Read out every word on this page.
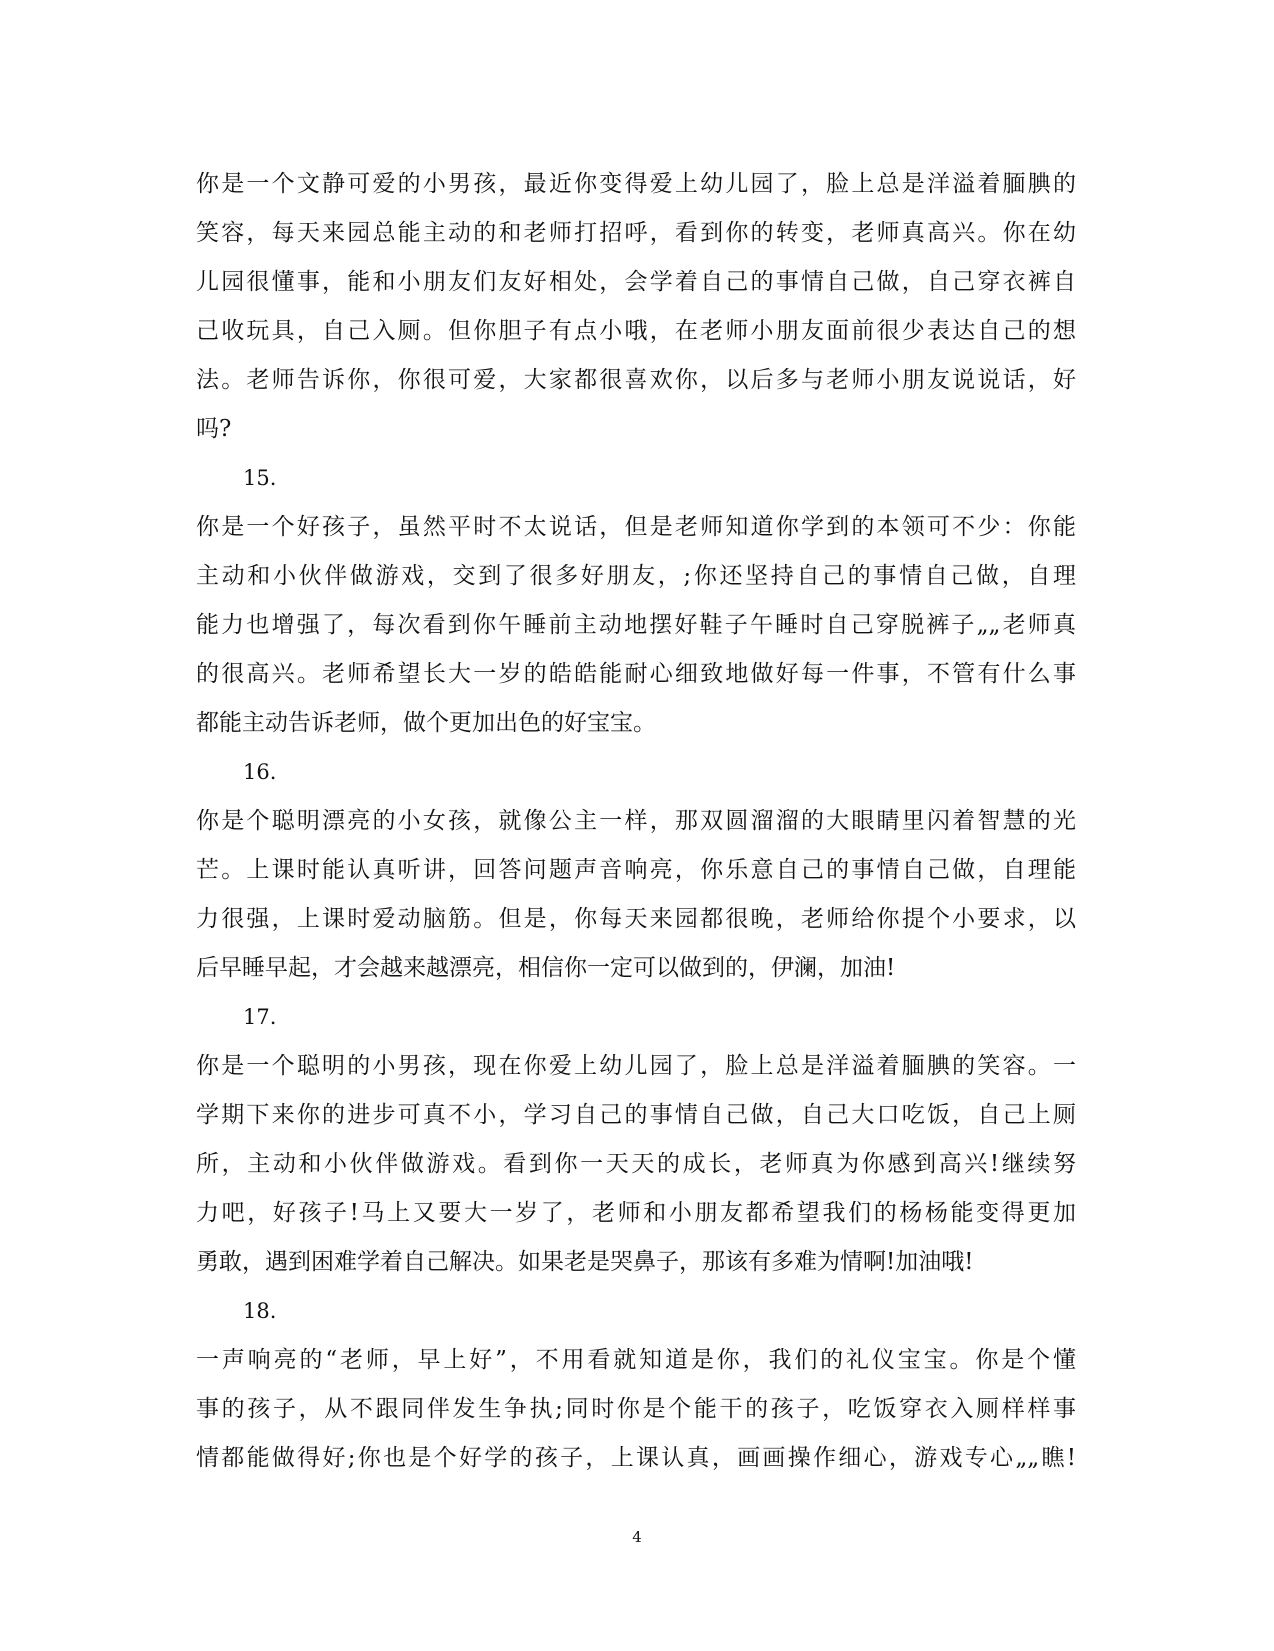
你是一个文静可爱的小男孩，最近你变得爱上幼儿园了，脸上总是洋溢着腼腆的
笑容，每天来园总能主动的和老师打招呼，看到你的转变，老师真高兴。你在幼
儿园很懂事，能和小朋友们友好相处，会学着自己的事情自己做，自己穿衣裤自
己收玩具，自己入厕。但你胆子有点小哦，在老师小朋友面前很少表达自己的想
法。老师告诉你，你很可爱，大家都很喜欢你，以后多与老师小朋友说说话，好
吗?
15.
你是一个好孩子，虽然平时不太说话，但是老师知道你学到的本领可不少：你能
主动和小伙伴做游戏，交到了很多好朋友，;你还坚持自己的事情自己做，自理
能力也增强了，每次看到你午睡前主动地摆好鞋子午睡时自己穿脱裤子„„老师真
的很高兴。老师希望长大一岁的皓皓能耐心细致地做好每一件事，不管有什么事
都能主动告诉老师，做个更加出色的好宝宝。
16.
你是个聪明漂亮的小女孩，就像公主一样，那双圆溜溜的大眼睛里闪着智慧的光
芒。上课时能认真听讲，回答问题声音响亮，你乐意自己的事情自己做，自理能
力很强，上课时爱动脑筋。但是，你每天来园都很晚，老师给你提个小要求，以
后早睡早起，才会越来越漂亮，相信你一定可以做到的，伊澜，加油!
17.
你是一个聪明的小男孩，现在你爱上幼儿园了，脸上总是洋溢着腼腆的笑容。一
学期下来你的进步可真不小，学习自己的事情自己做，自己大口吃饭，自己上厕
所，主动和小伙伴做游戏。看到你一天天的成长，老师真为你感到高兴!继续努
力吧，好孩子!马上又要大一岁了，老师和小朋友都希望我们的杨杨能变得更加
勇敢，遇到困难学着自己解决。如果老是哭鼻子，那该有多难为情啊!加油哦!
18.
一声响亮的“老师，早上好”，不用看就知道是你，我们的礼仪宝宝。你是个懂
事的孩子，从不跟同伴发生争执;同时你是个能干的孩子，吃饭穿衣入厕样样事
情都能做得好;你也是个好学的孩子，上课认真，画画操作细心，游戏专心„„瞧!
4
